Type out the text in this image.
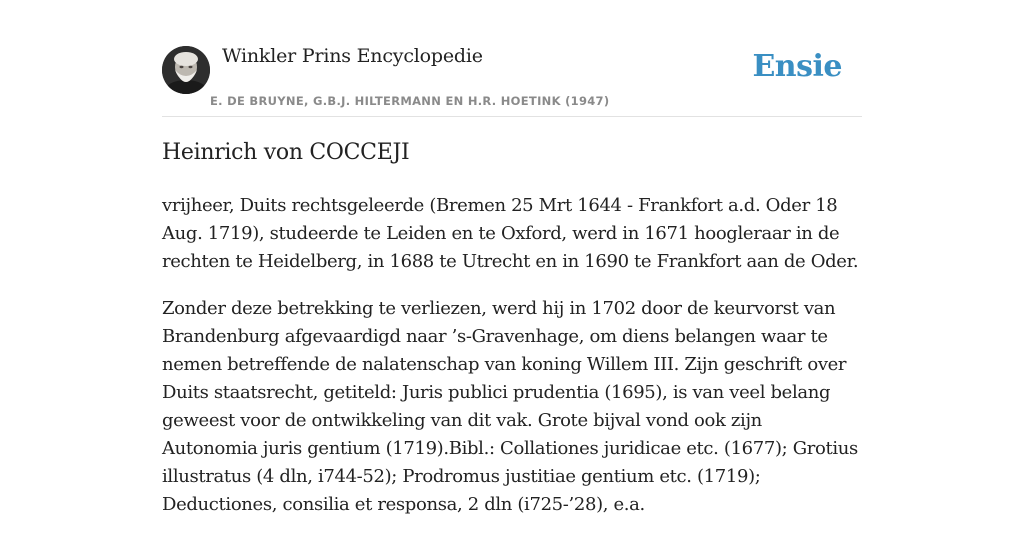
Winkler Prins Encyclopedie
E. DE BRUYNE, G.B.J. HILTERMANN EN H.R. HOETINK (1947)
Ensie
Heinrich von COCCEJI

vrijheer, Duits rechtsgeleerde (Bremen 25 Mrt 1644 - Frankfort a.d. Oder 18 Aug. 1719), studeerde te Leiden en te Oxford, werd in 1671 hoogleraar in de rechten te Heidelberg, in 1688 te Utrecht en in 1690 te Frankfort aan de Oder.

Zonder deze betrekking te verliezen, werd hij in 1702 door de keurvorst van Brandenburg afgevaardigd naar ’s-Gravenhage, om diens belangen waar te nemen betreffende de nalatenschap van koning Willem III. Zijn geschrift over Duits staatsrecht, getiteld: Juris publici prudentia (1695), is van veel belang geweest voor de ontwikkeling van dit vak. Grote bijval vond ook zijn Autonomia juris gentium (1719).Bibl.: Collationes juridicae etc. (1677); Grotius illustratus (4 dln, i744-52); Prodromus justitiae gentium etc. (1719); Deductiones, consilia et responsa, 2 dln (i725-’28), e.a.
